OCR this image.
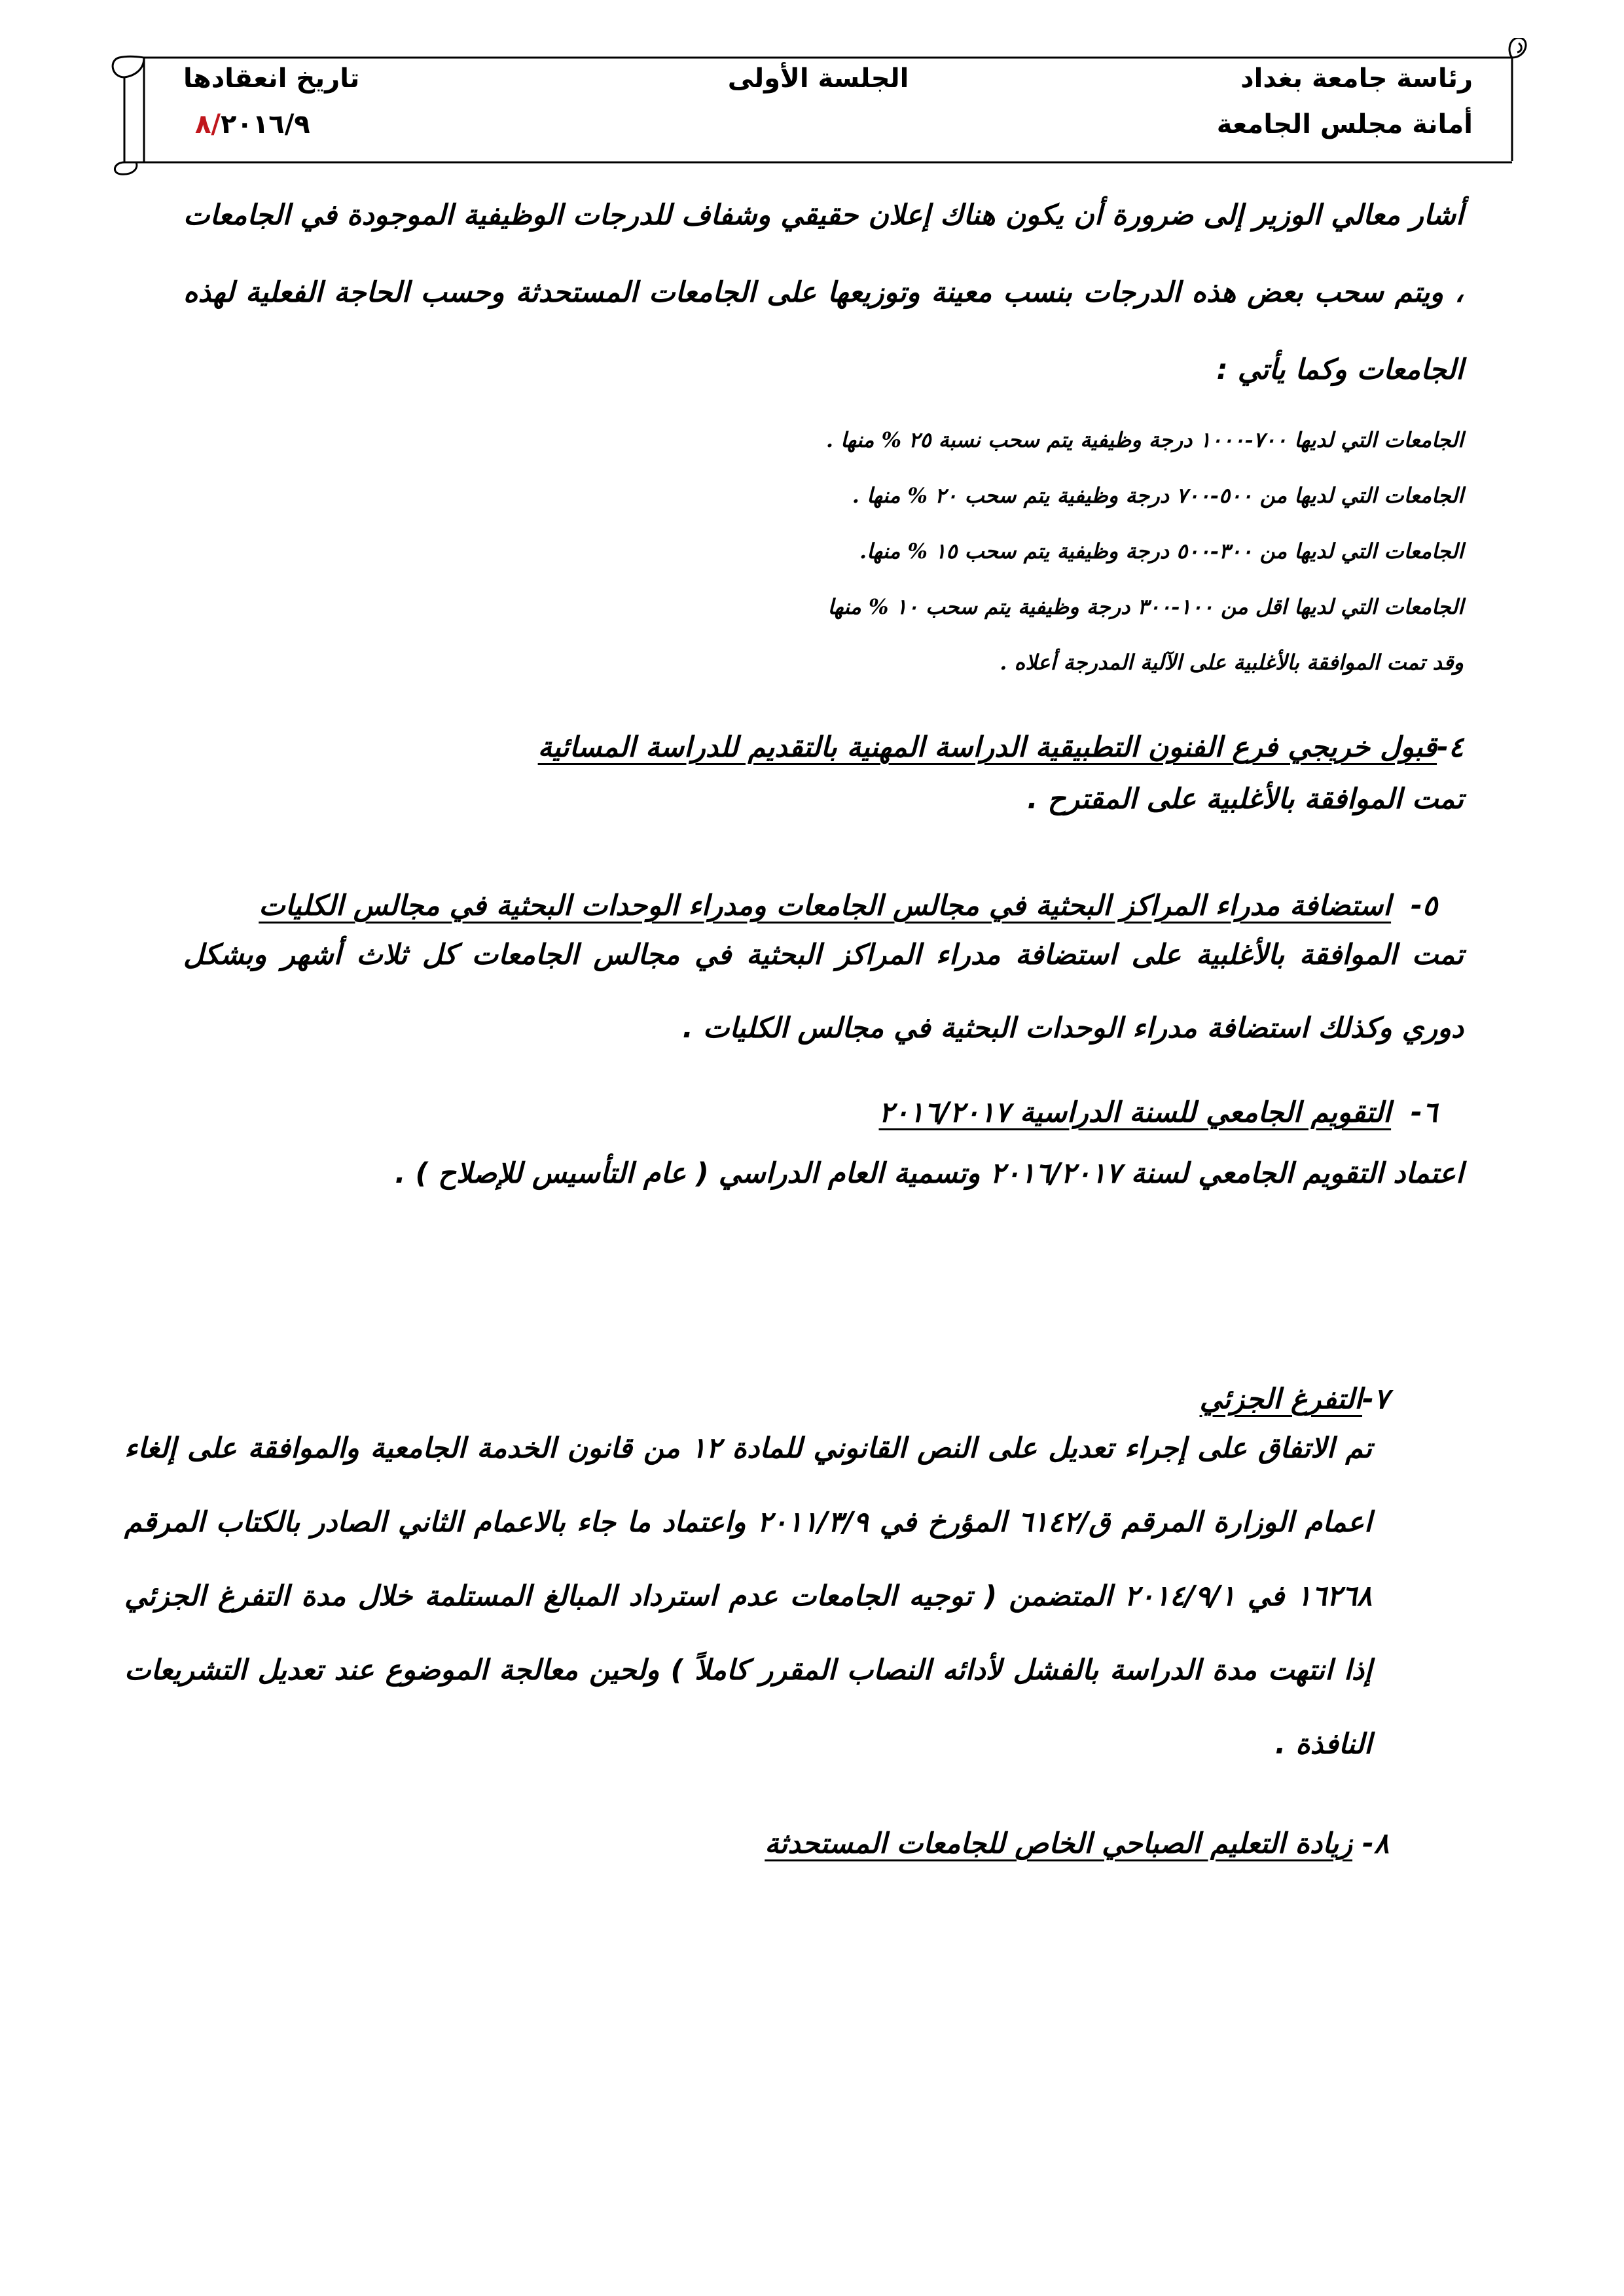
رئاسة جامعة بغداد
أمانة مجلس الجامعة
الجلسة الأولى
تاريخ انعقادها
٨/٢٠١٦/٩

أشار معالي الوزير إلى ضرورة أن يكون هناك إعلان حقيقي وشفاف للدرجات الوظيفية الموجودة في الجامعات ، ويتم سحب بعض هذه الدرجات بنسب معينة وتوزيعها على الجامعات المستحدثة وحسب الحاجة الفعلية لهذه الجامعات وكما يأتي :

الجامعات التي لديها ٧٠٠-١٠٠٠ درجة وظيفية يتم سحب نسبة ٢٥ % منها .
الجامعات التي لديها من ٥٠٠-٧٠٠ درجة وظيفية يتم سحب ٢٠ % منها .
الجامعات التي لديها من ٣٠٠-٥٠٠ درجة وظيفية يتم سحب ١٥ % منها.
الجامعات التي لديها اقل من ١٠٠-٣٠٠ درجة وظيفية يتم سحب ١٠ % منها
وقد تمت الموافقة بالأغلبية على الآلية المدرجة أعلاه .

٤-قبول خريجي فرع الفنون التطبيقية الدراسة المهنية بالتقديم للدراسة المسائية

تمت الموافقة بالأغلبية على المقترح .

٥-  استضافة مدراء المراكز البحثية في مجالس الجامعات ومدراء الوحدات البحثية في مجالس الكليات

تمت الموافقة بالأغلبية على استضافة مدراء المراكز البحثية في مجالس الجامعات كل ثلاث أشهر وبشكل دوري وكذلك استضافة مدراء الوحدات البحثية في مجالس الكليات .

٦-  التقويم الجامعي للسنة الدراسية ٢٠١٦/٢٠١٧

اعتماد التقويم الجامعي لسنة ٢٠١٦/٢٠١٧ وتسمية العام الدراسي ( عام التأسيس للإصلاح ) .

٧-التفرغ الجزئي

تم الاتفاق على إجراء تعديل على النص القانوني للمادة ١٢ من قانون الخدمة الجامعية والموافقة على إلغاء اعمام الوزارة المرقم ق/٦١٤٢ المؤرخ في ٢٠١١/٣/٩ واعتماد ما جاء بالاعمام الثاني الصادر بالكتاب المرقم ١٦٢٦٨ في ٢٠١٤/٩/١ المتضمن ( توجيه الجامعات عدم استرداد المبالغ المستلمة خلال مدة التفرغ الجزئي إذا انتهت مدة الدراسة بالفشل لأدائه النصاب المقرر كاملاً ) ولحين معالجة الموضوع عند تعديل التشريعات النافذة .

٨- زيادة التعليم الصباحي الخاص للجامعات المستحدثة
